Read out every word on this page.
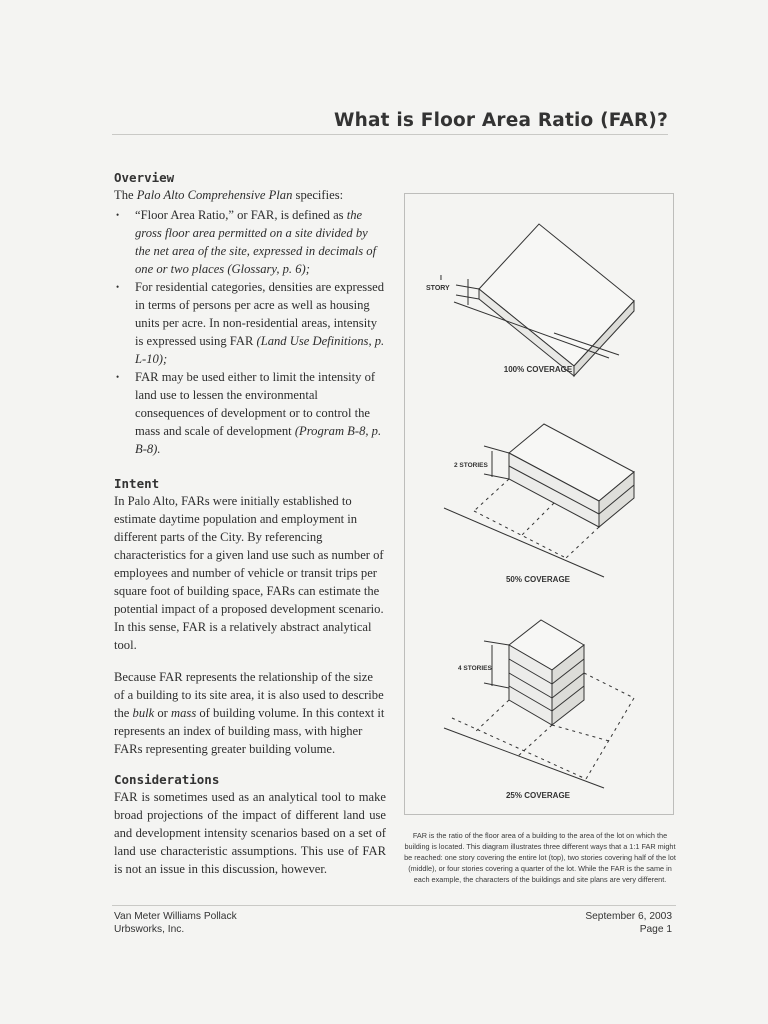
What is Floor Area Ratio (FAR)?
Overview

The Palo Alto Comprehensive Plan specifies:

• “Floor Area Ratio,” or FAR, is defined as the gross floor area permitted on a site divided by the net area of the site, expressed in decimals of one or two places (Glossary, p. 6);
• For residential categories, densities are expressed in terms of persons per acre as well as housing units per acre. In non-residential areas, intensity is expressed using FAR (Land Use Definitions, p. L-10);
• FAR may be used either to limit the intensity of land use to lessen the environmental consequences of development or to control the mass and scale of development (Program B-8, p. B-8).
Intent

In Palo Alto, FARs were initially established to estimate daytime population and employment in different parts of the City. By referencing characteristics for a given land use such as number of employees and number of vehicle or transit trips per square foot of building space, FARs can estimate the potential impact of a proposed development scenario. In this sense, FAR is a relatively abstract analytical tool.

Because FAR represents the relationship of the size of a building to its site area, it is also used to describe the bulk or mass of building volume. In this context it represents an index of building mass, with higher FARs representing greater building volume.

Considerations

FAR is sometimes used as an analytical tool to make broad projections of the impact of different land use and development intensity scenarios based on a set of land use characteristic assumptions. This use of FAR is not an issue in this discussion, however.

I
STORY
100% COVERAGE
2 STORIES
50% COVERAGE
4 STORIES
25% COVERAGE
FAR is the ratio of the floor area of a building to the area of the lot on which the building is located. This diagram illustrates three different ways that a 1:1 FAR might be reached: one story covering the entire lot (top), two stories covering half of the lot (middle), or four stories covering a quarter of the lot. While the FAR is the same in each example, the characters of the buildings and site plans are very different.
Van Meter Williams Pollack
Urbsworks, Inc.
September 6, 2003
Page 1
